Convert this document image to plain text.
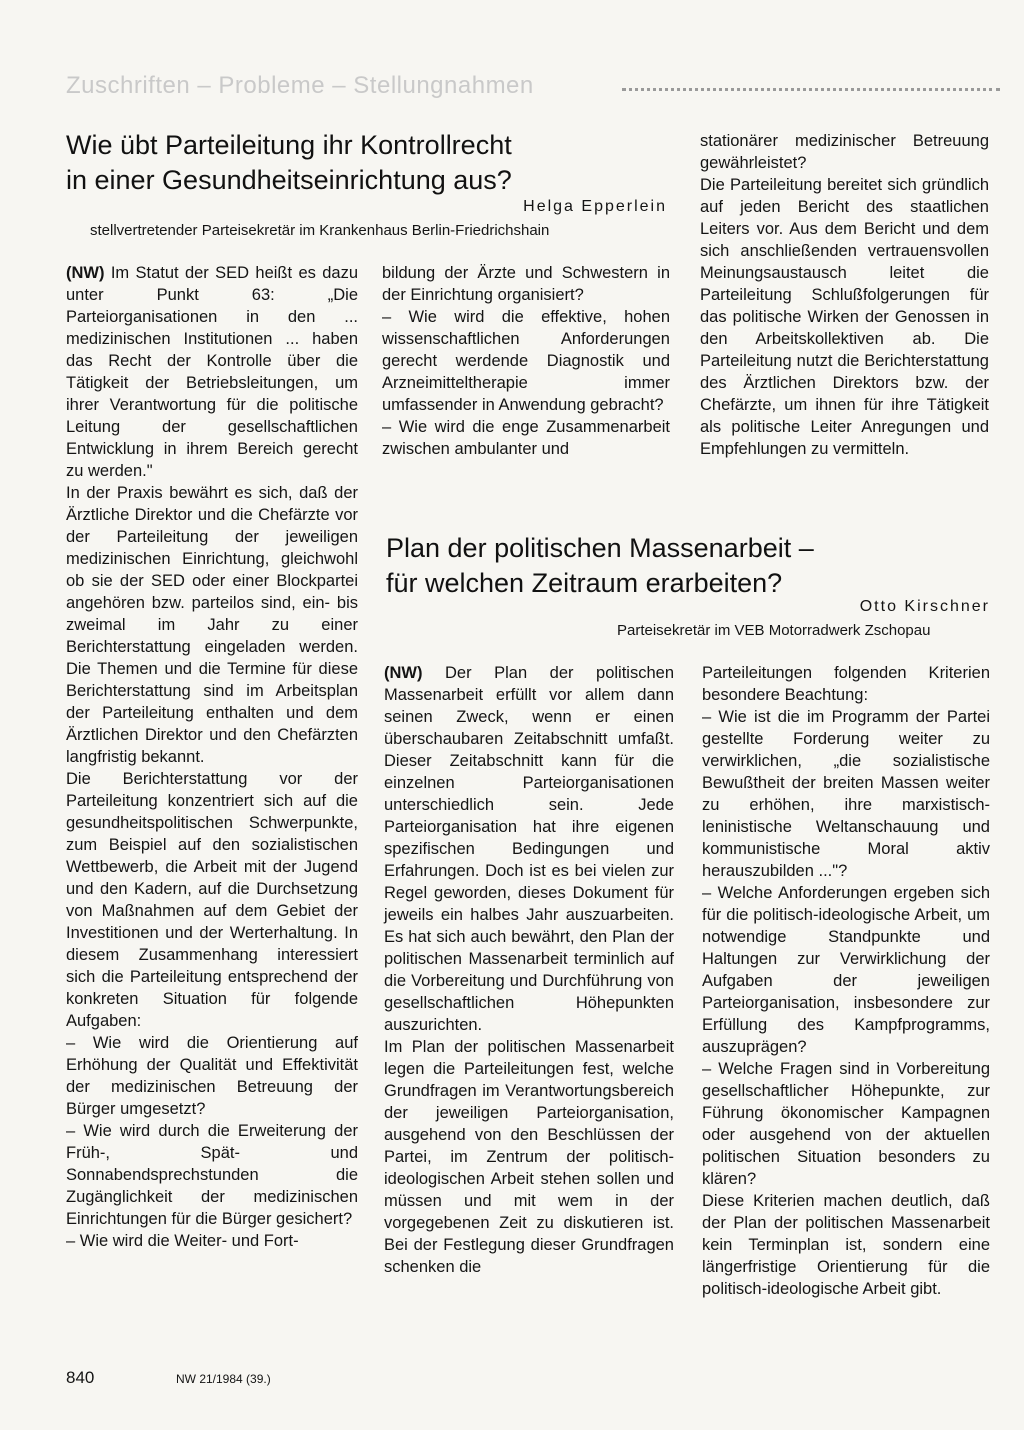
Zuschriften – Probleme – Stellungnahmen
Wie übt Parteileitung ihr Kontrollrecht
in einer Gesundheitseinrichtung aus?
Helga Epperlein
stellvertretender Parteisekretär im Krankenhaus Berlin-Friedrichshain

(NW) Im Statut der SED heißt es dazu unter Punkt 63: „Die Parteiorganisationen in den ... medizinischen Institutionen ... haben das Recht der Kontrolle über die Tätigkeit der Betriebsleitungen, um ihrer Verantwortung für die politische Leitung der gesellschaftlichen Entwicklung in ihrem Bereich gerecht zu werden."

In der Praxis bewährt es sich, daß der Ärztliche Direktor und die Chefärzte vor der Parteileitung der jeweiligen medizinischen Einrichtung, gleichwohl ob sie der SED oder einer Blockpartei angehören bzw. parteilos sind, ein- bis zweimal im Jahr zu einer Berichterstattung eingeladen werden. Die Themen und die Termine für diese Berichterstattung sind im Arbeitsplan der Parteileitung enthalten und dem Ärztlichen Direktor und den Chefärzten langfristig bekannt.

Die Berichterstattung vor der Parteileitung konzentriert sich auf die gesundheitspolitischen Schwerpunkte, zum Beispiel auf den sozialistischen Wettbewerb, die Arbeit mit der Jugend und den Kadern, auf die Durchsetzung von Maßnahmen auf dem Gebiet der Investitionen und der Werterhaltung. In diesem Zusammenhang interessiert sich die Parteileitung entsprechend der konkreten Situation für folgende Aufgaben:

– Wie wird die Orientierung auf Erhöhung der Qualität und Effektivität der medizinischen Betreuung der Bürger umgesetzt?

– Wie wird durch die Erweiterung der Früh-, Spät- und Sonnabendsprechstunden die Zugänglichkeit der medizinischen Einrichtungen für die Bürger gesichert?

– Wie wird die Weiter- und Fort-

bildung der Ärzte und Schwestern in der Einrichtung organisiert?

– Wie wird die effektive, hohen wissenschaftlichen Anforderungen gerecht werdende Diagnostik und Arzneimitteltherapie immer umfassender in Anwendung gebracht?

– Wie wird die enge Zusammenarbeit zwischen ambulanter und

stationärer medizinischer Betreuung gewährleistet?

Die Parteileitung bereitet sich gründlich auf jeden Bericht des staatlichen Leiters vor. Aus dem Bericht und dem sich anschließenden vertrauensvollen Meinungsaustausch leitet die Parteileitung Schlußfolgerungen für das politische Wirken der Genossen in den Arbeitskollektiven ab. Die Parteileitung nutzt die Berichterstattung des Ärztlichen Direktors bzw. der Chefärzte, um ihnen für ihre Tätigkeit als politische Leiter Anregungen und Empfehlungen zu vermitteln.

Plan der politischen Massenarbeit –
für welchen Zeitraum erarbeiten?
Otto Kirschner
Parteisekretär im VEB Motorradwerk Zschopau

(NW) Der Plan der politischen Massenarbeit erfüllt vor allem dann seinen Zweck, wenn er einen überschaubaren Zeitabschnitt umfaßt. Dieser Zeitabschnitt kann für die einzelnen Parteiorganisationen unterschiedlich sein. Jede Parteiorganisation hat ihre eigenen spezifischen Bedingungen und Erfahrungen. Doch ist es bei vielen zur Regel geworden, dieses Dokument für jeweils ein halbes Jahr auszuarbeiten. Es hat sich auch bewährt, den Plan der politischen Massenarbeit terminlich auf die Vorbereitung und Durchführung von gesellschaftlichen Höhepunkten auszurichten.

Im Plan der politischen Massenarbeit legen die Parteileitungen fest, welche Grundfragen im Verantwortungsbereich der jeweiligen Parteiorganisation, ausgehend von den Beschlüssen der Partei, im Zentrum der politisch-ideologischen Arbeit stehen sollen und müssen und mit wem in der vorgegebenen Zeit zu diskutieren ist. Bei der Festlegung dieser Grundfragen schenken die

Parteileitungen folgenden Kriterien besondere Beachtung:

– Wie ist die im Programm der Partei gestellte Forderung weiter zu verwirklichen, „die sozialistische Bewußtheit der breiten Massen weiter zu erhöhen, ihre marxistisch-leninistische Weltanschauung und kommunistische Moral aktiv herauszubilden ..."?

– Welche Anforderungen ergeben sich für die politisch-ideologische Arbeit, um notwendige Standpunkte und Haltungen zur Verwirklichung der Aufgaben der jeweiligen Parteiorganisation, insbesondere zur Erfüllung des Kampfprogramms, auszuprägen?

– Welche Fragen sind in Vorbereitung gesellschaftlicher Höhepunkte, zur Führung ökonomischer Kampagnen oder ausgehend von der aktuellen politischen Situation besonders zu klären?

Diese Kriterien machen deutlich, daß der Plan der politischen Massenarbeit kein Terminplan ist, sondern eine längerfristige Orientierung für die politisch-ideologische Arbeit gibt.

840	NW 21/1984 (39.)
